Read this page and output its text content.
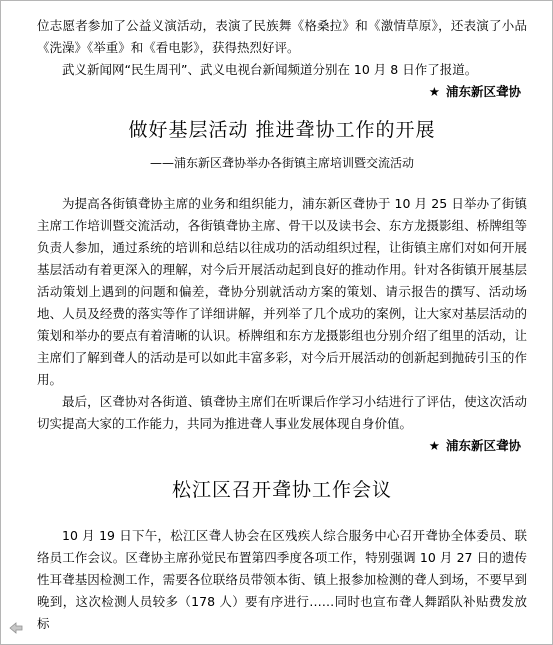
位志愿者参加了公益义演活动，表演了民族舞《格桑拉》和《激情草原》，还表演了小品《洗澡》《举重》和《看电影》，获得热烈好评。

武义新闻网“民生周刊”、武义电视台新闻频道分别在 10 月 8 日作了报道。

★ 浦东新区聋协

做好基层活动 推进聋协工作的开展
——浦东新区聋协举办各街镇主席培训暨交流活动

为提高各街镇聋协主席的业务和组织能力，浦东新区聋协于 10 月 25 日举办了街镇主席工作培训暨交流活动，各街镇聋协主席、骨干以及读书会、东方龙摄影组、桥牌组等负责人参加，通过系统的培训和总结以往成功的活动组织过程，让街镇主席们对如何开展基层活动有着更深入的理解，对今后开展活动起到良好的推动作用。针对各街镇开展基层活动策划上遇到的问题和偏差，聋协分别就活动方案的策划、请示报告的撰写、活动场地、人员及经费的落实等作了详细讲解，并列举了几个成功的案例，让大家对基层活动的策划和举办的要点有着清晰的认识。桥牌组和东方龙摄影组也分别介绍了组里的活动，让主席们了解到聋人的活动是可以如此丰富多彩，对今后开展活动的创新起到抛砖引玉的作用。

最后，区聋协对各街道、镇聋协主席们在听课后作学习小结进行了评估，使这次活动切实提高大家的工作能力，共同为推进聋人事业发展体现自身价值。

★ 浦东新区聋协

松江区召开聋协工作会议

10 月 19 日下午，松江区聋人协会在区残疾人综合服务中心召开聋协全体委员、联络员工作会议。区聋协主席孙觉民布置第四季度各项工作，特别强调 10 月 27 日的遗传性耳聋基因检测工作，需要各位联络员带领本街、镇上报参加检测的聋人到场，不要早到晚到，这次检测人员较多（178 人）要有序进行……同时也宣布聋人舞蹈队补贴费发放标
